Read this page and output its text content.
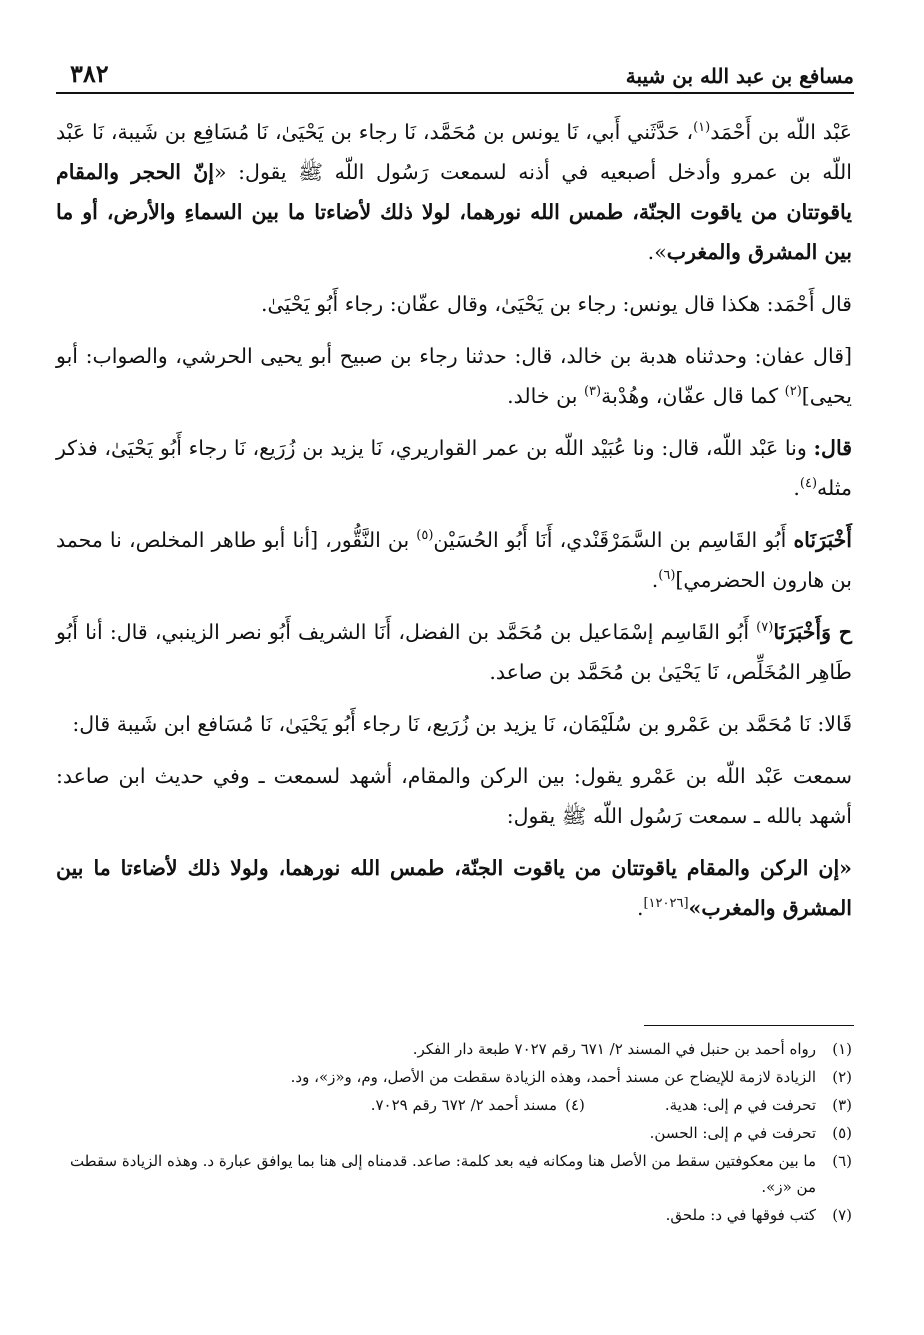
٣٨٢	مسافع بن عبد الله بن شيبة

عَبْد اللّه بن أَحْمَد$^{(١)}$، حَدَّثَني أَبي، نَا يونس بن مُحَمَّد، نَا رجاء بن يَحْيَىٰ، نَا مُسَافِع بن شَيبة، نَا عَبْد اللّه بن عمرو وأدخل أصبعيه في أذنه لسمعت رَسُول اللّه ﷺ يقول: «إنّ الحجر والمقام ياقوتتان من ياقوت الجنّة، طمس الله نورهما، لولا ذلك لأضاءتا ما بين السماءِ والأرض، أو ما بين المشرق والمغرب».

قال أَحْمَد: هكذا قال يونس: رجاء بن يَحْيَىٰ، وقال عفّان: رجاء أَبُو يَحْيَىٰ.

[قال عفان: وحدثناه هدبة بن خالد، قال: حدثنا رجاء بن صبيح أبو يحيى الحرشي، والصواب: أبو يحيى]$^{(٢)}$ كما قال عفّان، وهُدْبة$^{(٣)}$ بن خالد.

قال: ونا عَبْد اللّه، قال: ونا عُبَيْد اللّه بن عمر القواريري، نَا يزيد بن زُرَيع، نَا رجاء أَبُو يَحْيَىٰ، فذكر مثله$^{(٤)}$.

أَخْبَرَنَاه أَبُو القَاسِم بن السَّمَرْقَنْدي، أَنَا أَبُو الحُسَيْن$^{(٥)}$ بن النَّقُّور، [أنا أبو طاهر المخلص، نا محمد بن هارون الحضرمي]$^{(٦)}$.

ح وَأَخْبَرَنَا$^{(٧)}$ أَبُو القَاسِم إسْمَاعيل بن مُحَمَّد بن الفضل، أَنَا الشريف أَبُو نصر الزينبي، قال: أنا أَبُو طَاهِر المُخَلِّص، نَا يَحْيَىٰ بن مُحَمَّد بن صاعد.

قَالا: نَا مُحَمَّد بن عَمْرو بن سُلَيْمَان، نَا يزيد بن زُرَيع، نَا رجاء أَبُو يَحْيَىٰ، نَا مُسَافع ابن شَيبة قال:

سمعت عَبْد اللّه بن عَمْرو يقول: بين الركن والمقام، أشهد لسمعت ـ وفي حديث ابن صاعد: أشهد بالله ـ سمعت رَسُول اللّه ﷺ يقول:

«إن الركن والمقام ياقوتتان من ياقوت الجنّة، طمس الله نورهما، ولولا ذلك لأضاءتا ما بين المشرق والمغرب»[١٢٠٢٦].

(١)
رواه أحمد بن حنبل في المسند ٢/ ٦٧١ رقم ٧٠٢٧ طبعة دار الفكر.
(٢)
الزيادة لازمة للإيضاح عن مسند أحمد، وهذه الزيادة سقطت من الأصل، وم، و«ز»، ود.
(٣)
تحرفت في م إلى: هدية.
(٤)
مسند أحمد ٢/ ٦٧٢ رقم ٧٠٢٩.
(٥)
تحرفت في م إلى: الحسن.
(٦)
ما بين معكوفتين سقط من الأصل هنا ومكانه فيه بعد كلمة: صاعد. قدمناه إلى هنا بما يوافق عبارة د. وهذه الزيادة سقطت من «ز».
(٧)
كتب فوقها في د: ملحق.
